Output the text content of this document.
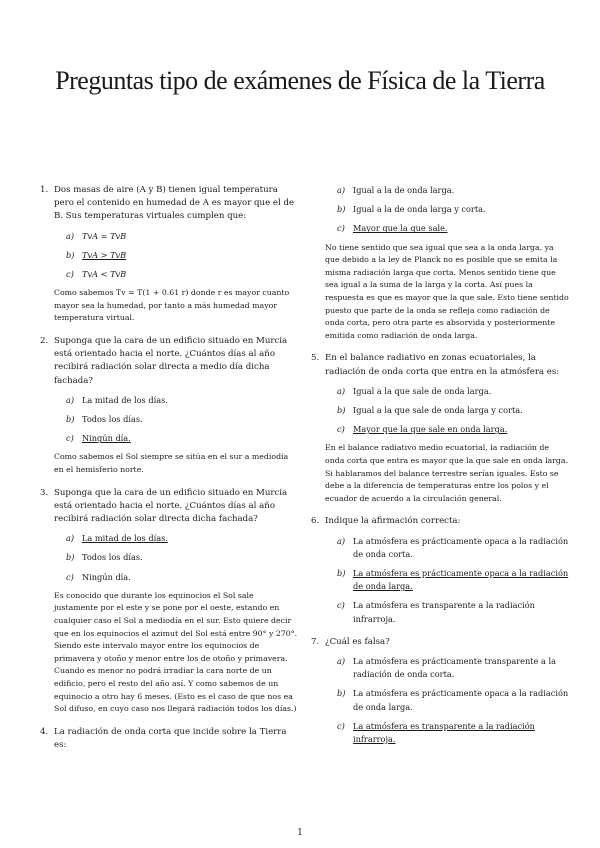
Preguntas tipo de exámenes de Física de la Tierra
1. Dos masas de aire (A y B) tienen igual temperatura pero el contenido en humedad de A es mayor que el de B. Sus temperaturas virtuales cumplen que:
a) TvA = TvB
b) TvA > TvB
c)	TvA < TvB
Como sabemos Tv = T(1 + 0.61 r) donde r es mayor cuanto mayor sea la humedad, por tanto a más humedad mayor temperatura virtual.
2. Suponga que la cara de un edificio situado en Murcia está orientado hacia el norte. ¿Cuántos días al año recibirá radiación solar directa a medio día dicha fachada?
a) La mitad de los días.
b) Todos los días.
c)	Ningún día.
Como sabemos el Sol siempre se sitúa en el sur a mediodía en el hemisferio norte.
3. Suponga que la cara de un edificio situado en Murcia está orientado hacia el norte. ¿Cuántos días al año recibirá radiación solar directa dicha fachada?
a) La mitad de los días.
b) Todos los días.
c)	Ningún día.
Es conocido que durante los equinocios el Sol sale justamente por el este y se pone por el oeste, estando en cualquier caso el Sol a mediodía en el sur. Esto quiere decir que en los equinocios el azimut del Sol está entre 90° y 270°. Siendo este intervalo mayor entre los equinocios de primavera y otoño y menor entre los de otoño y primavera. Cuando es menor no podrá irradiar la cara norte de un edificio, pero el resto del año así. Y como sabemos de un equinocio a otro hay 6 meses. (Esto es el caso de que nos ea Sol difuso, en cuyo caso nos llegará radiación todos los días.)
4. La radiación de onda corta que incide sobre la Tierra es:
a) Igual a la de onda larga.
b) Igual a la de onda larga y corta.
c)	Mayor que la que sale.
No tiene sentido que sea igual que sea a la onda larga, ya que debido a la ley de Planck no es posible que se emita la misma radiación larga que corta. Menos sentido tiene que sea igual a la suma de la larga y la corta. Así pues la respuesta es que es mayor que la que sale. Esto tiene sentido puesto que parte de la onda se refleja como radiación de onda corta, pero otra parte es absorvida y posteriormente emitida como radiación de onda larga.
5. En el balance radiativo en zonas ecuatoriales, la radiación de onda corta que entra en la atmósfera es:
a) Igual a la que sale de onda larga.
b) Igual a la que sale de onda larga y corta.
c)	Mayor que la que sale en onda larga.
En el balance radiativo medio ecuatorial, la radiación de onda corta que entra es mayor que la que sale en onda larga. Si hablaramos del balance terrestre serían iguales. Esto se debe a la diferencia de temperaturas entre los polos y el ecuador de acuerdo a la circulación general.
6. Indique la afirmación correcta:
a) La atmósfera es prácticamente opaca a la radiación de onda corta.
b) La atmósfera es prácticamente opaca a la radiación de onda larga.
c)	La atmósfera es transparente a la radiación infrarroja.
7. ¿Cuál es falsa?
a) La atmósfera es prácticamente transparente a la radiación de onda corta.
b) La atmósfera es prácticamente opaca a la radiación de onda larga.
c)	La atmósfera es transparente a la radiación infrarroja.
1
